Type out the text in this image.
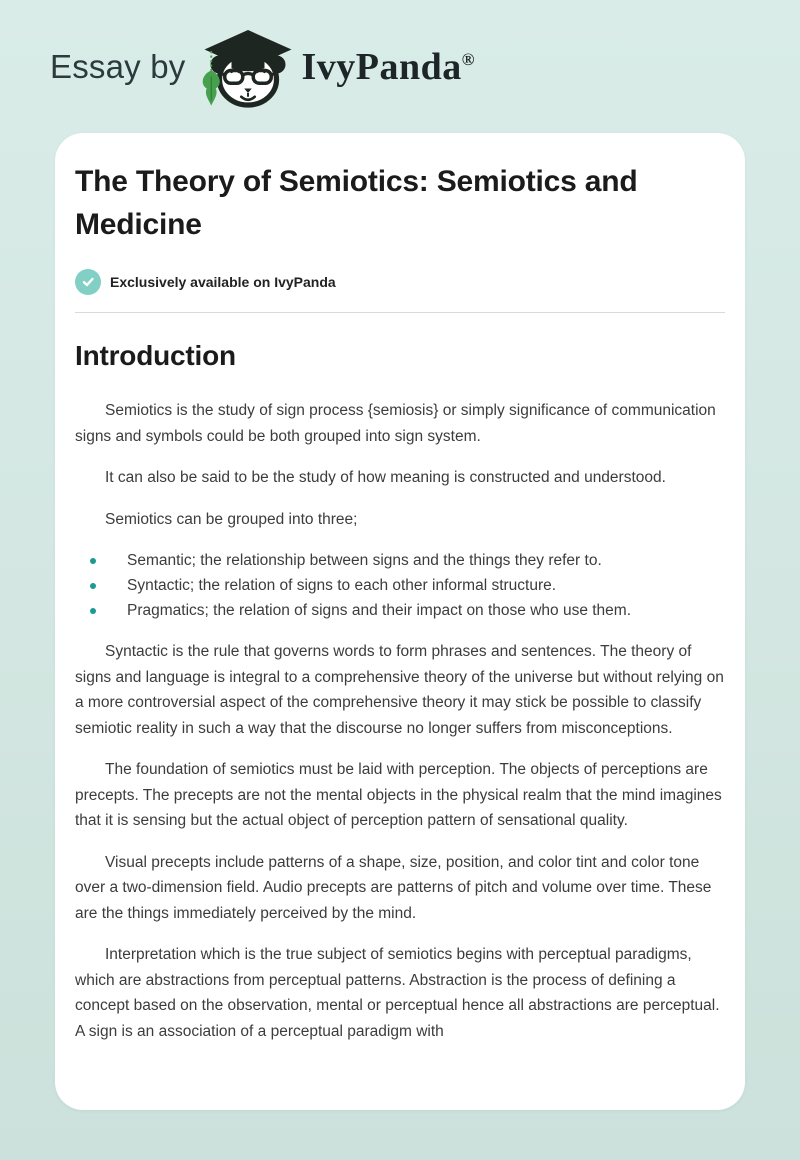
Essay by	IvyPanda®
The Theory of Semiotics: Semiotics and Medicine
Exclusively available on IvyPanda
Introduction

Semiotics is the study of sign process {semiosis} or simply significance of communication signs and symbols could be both grouped into sign system.

It can also be said to be the study of how meaning is constructed and understood.

Semiotics can be grouped into three;

Semantic; the relationship between signs and the things they refer to.
Syntactic; the relation of signs to each other informal structure.
Pragmatics; the relation of signs and their impact on those who use them.

Syntactic is the rule that governs words to form phrases and sentences. The theory of signs and language is integral to a comprehensive theory of the universe but without relying on a more controversial aspect of the comprehensive theory it may stick be possible to classify semiotic reality in such a way that the discourse no longer suffers from misconceptions.

The foundation of semiotics must be laid with perception. The objects of perceptions are precepts. The precepts are not the mental objects in the physical realm that the mind imagines that it is sensing but the actual object of perception pattern of sensational quality.

Visual precepts include patterns of a shape, size, position, and color tint and color tone over a two-dimension field. Audio precepts are patterns of pitch and volume over time. These are the things immediately perceived by the mind.

Interpretation which is the true subject of semiotics begins with perceptual paradigms, which are abstractions from perceptual patterns. Abstraction is the process of defining a concept based on the observation, mental or perceptual hence all abstractions are perceptual. A sign is an association of a perceptual paradigm with
